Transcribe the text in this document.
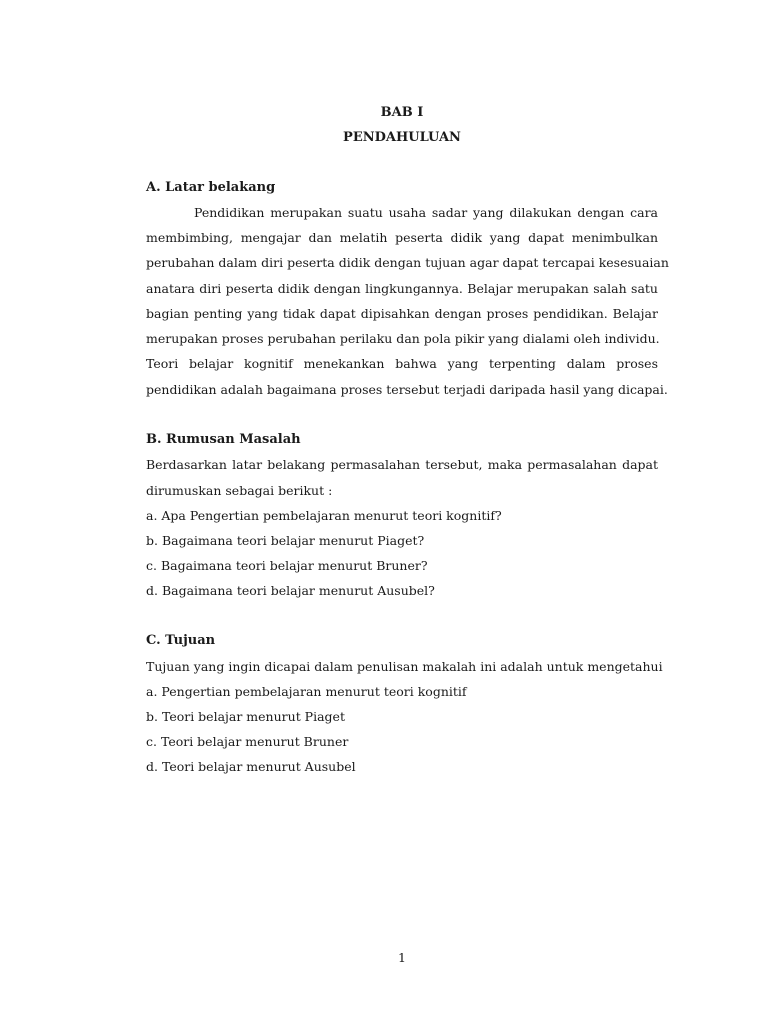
BAB I
PENDAHULUAN
A. Latar belakang
Pendidikan merupakan suatu usaha sadar yang dilakukan dengan cara
membimbing, mengajar dan melatih peserta didik yang dapat menimbulkan
perubahan dalam diri peserta didik dengan tujuan agar dapat tercapai kesesuaian
anatara diri peserta didik dengan lingkungannya. Belajar merupakan salah satu
bagian penting yang tidak dapat dipisahkan dengan proses pendidikan. Belajar
merupakan proses perubahan perilaku dan pola pikir yang dialami oleh individu.
Teori belajar kognitif menekankan bahwa yang terpenting dalam proses
pendidikan adalah bagaimana proses tersebut terjadi daripada hasil yang dicapai.
B. Rumusan Masalah
Berdasarkan latar belakang permasalahan tersebut, maka permasalahan dapat
dirumuskan sebagai berikut :
a. Apa Pengertian pembelajaran menurut teori kognitif?
b. Bagaimana teori belajar menurut Piaget?
c. Bagaimana teori belajar menurut Bruner?
d. Bagaimana teori belajar menurut Ausubel?
C. Tujuan
Tujuan yang ingin dicapai dalam penulisan makalah ini adalah untuk mengetahui
a. Pengertian pembelajaran menurut teori kognitif
b. Teori belajar menurut Piaget
c. Teori belajar menurut Bruner
d. Teori belajar menurut Ausubel
1
